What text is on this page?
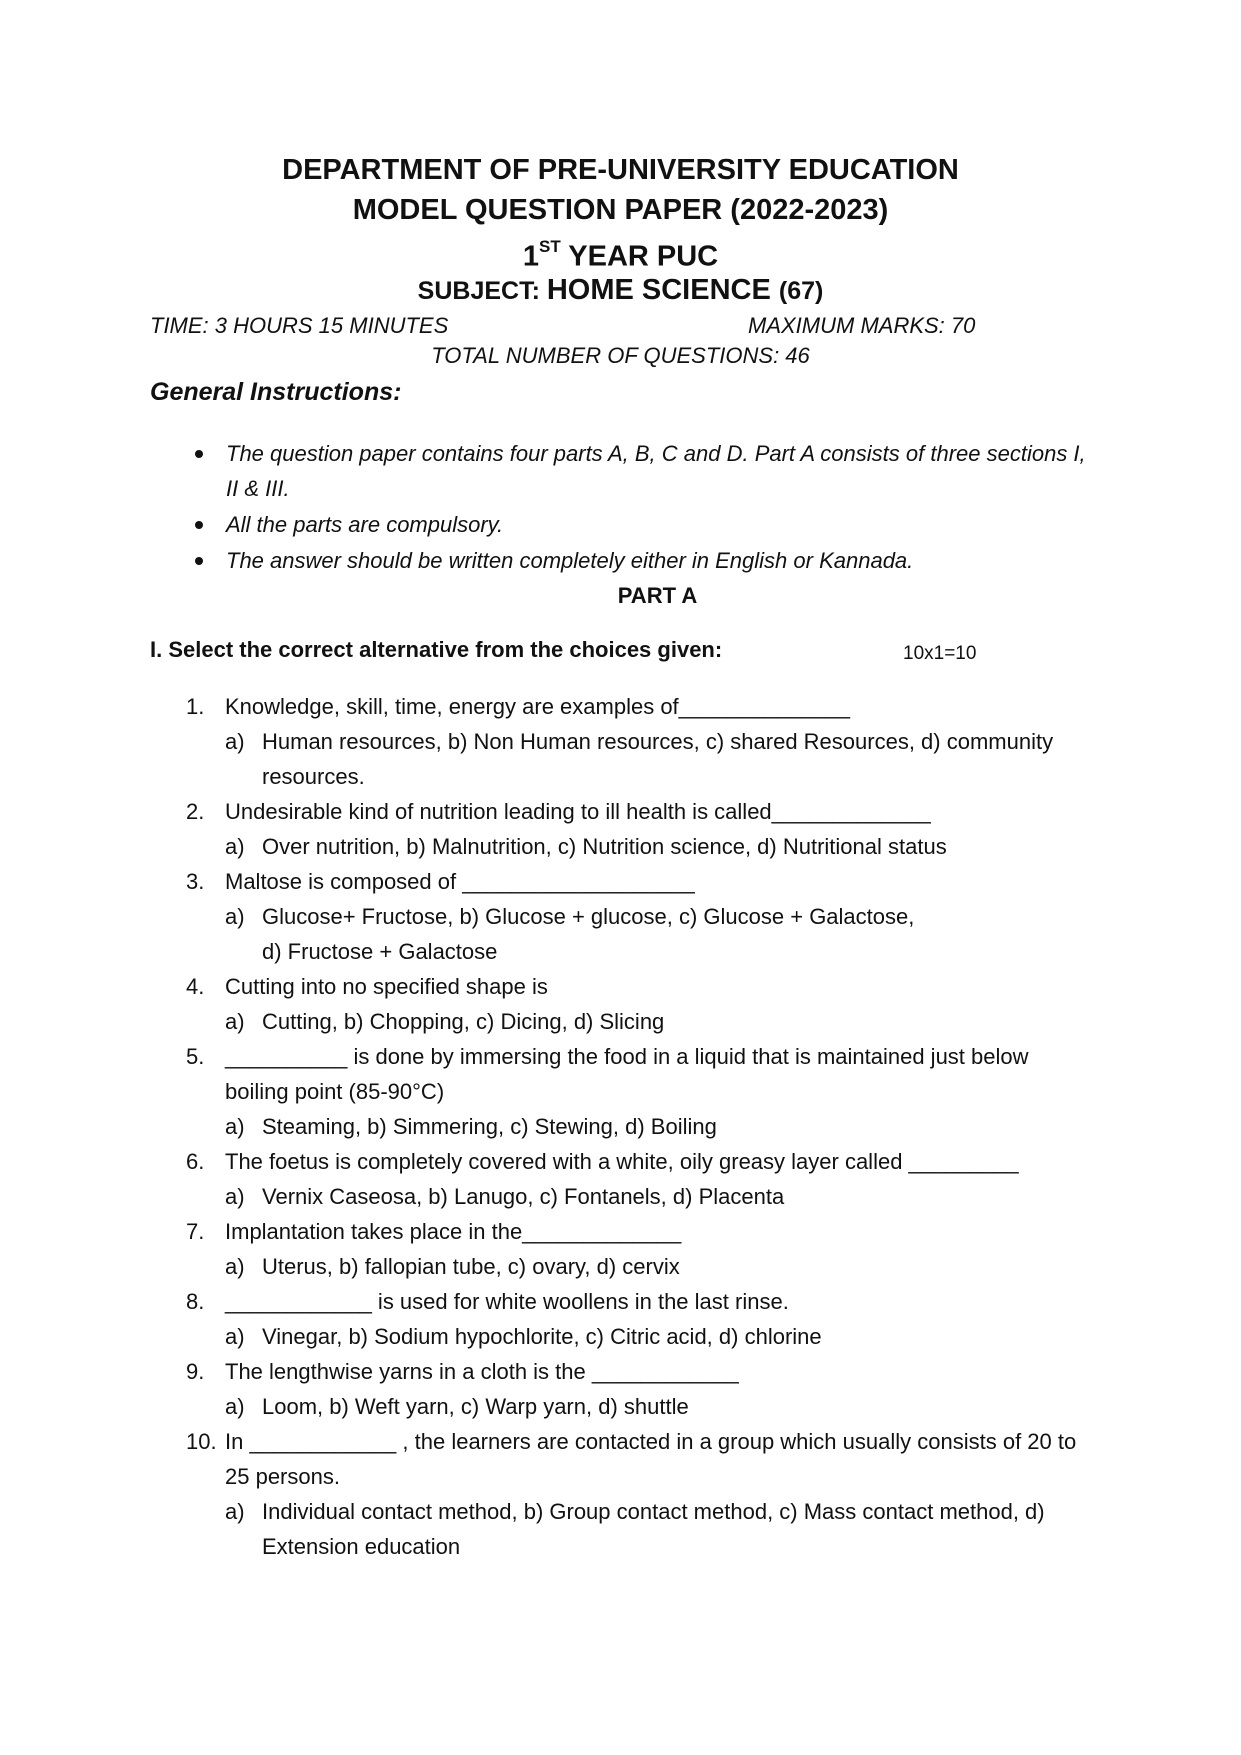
DEPARTMENT OF PRE-UNIVERSITY EDUCATION
MODEL QUESTION PAPER (2022-2023)
1ST YEAR PUC
SUBJECT: HOME SCIENCE (67)

TIME: 3 HOURS 15 MINUTES	MAXIMUM MARKS: 70

TOTAL NUMBER OF QUESTIONS: 46

General Instructions:
The question paper contains four parts A, B, C and D. Part A consists of three sections I, II & III.
All the parts are compulsory.
The answer should be written completely either in English or Kannada.

PART A

I. Select the correct alternative from the choices given:	10x1=10

1. Knowledge, skill, time, energy are examples of______________
a) Human resources, b) Non Human resources, c) shared Resources, d) community resources.
2. Undesirable kind of nutrition leading to ill health is called_____________
a) Over nutrition, b) Malnutrition, c) Nutrition science, d) Nutritional status
3. Maltose is composed of ___________________
a) Glucose+ Fructose, b) Glucose + glucose, c) Glucose + Galactose, d) Fructose + Galactose
4. Cutting into no specified shape is
a) Cutting, b) Chopping, c) Dicing, d) Slicing
5. __________ is done by immersing the food in a liquid that is maintained just below boiling point (85-90°C)
a) Steaming, b) Simmering, c) Stewing, d) Boiling
6. The foetus is completely covered with a white, oily greasy layer called _________
a) Vernix Caseosa, b) Lanugo, c) Fontanels, d) Placenta
7. Implantation takes place in the_____________
a) Uterus, b) fallopian tube, c) ovary, d) cervix
8. ____________ is used for white woollens in the last rinse.
a) Vinegar, b) Sodium hypochlorite, c) Citric acid, d) chlorine
9. The lengthwise yarns in a cloth is the ____________
a) Loom, b) Weft yarn, c) Warp yarn, d) shuttle
10. In ____________ , the learners are contacted in a group which usually consists of 20 to 25 persons.
a) Individual contact method, b) Group contact method, c) Mass contact method, d) Extension education
